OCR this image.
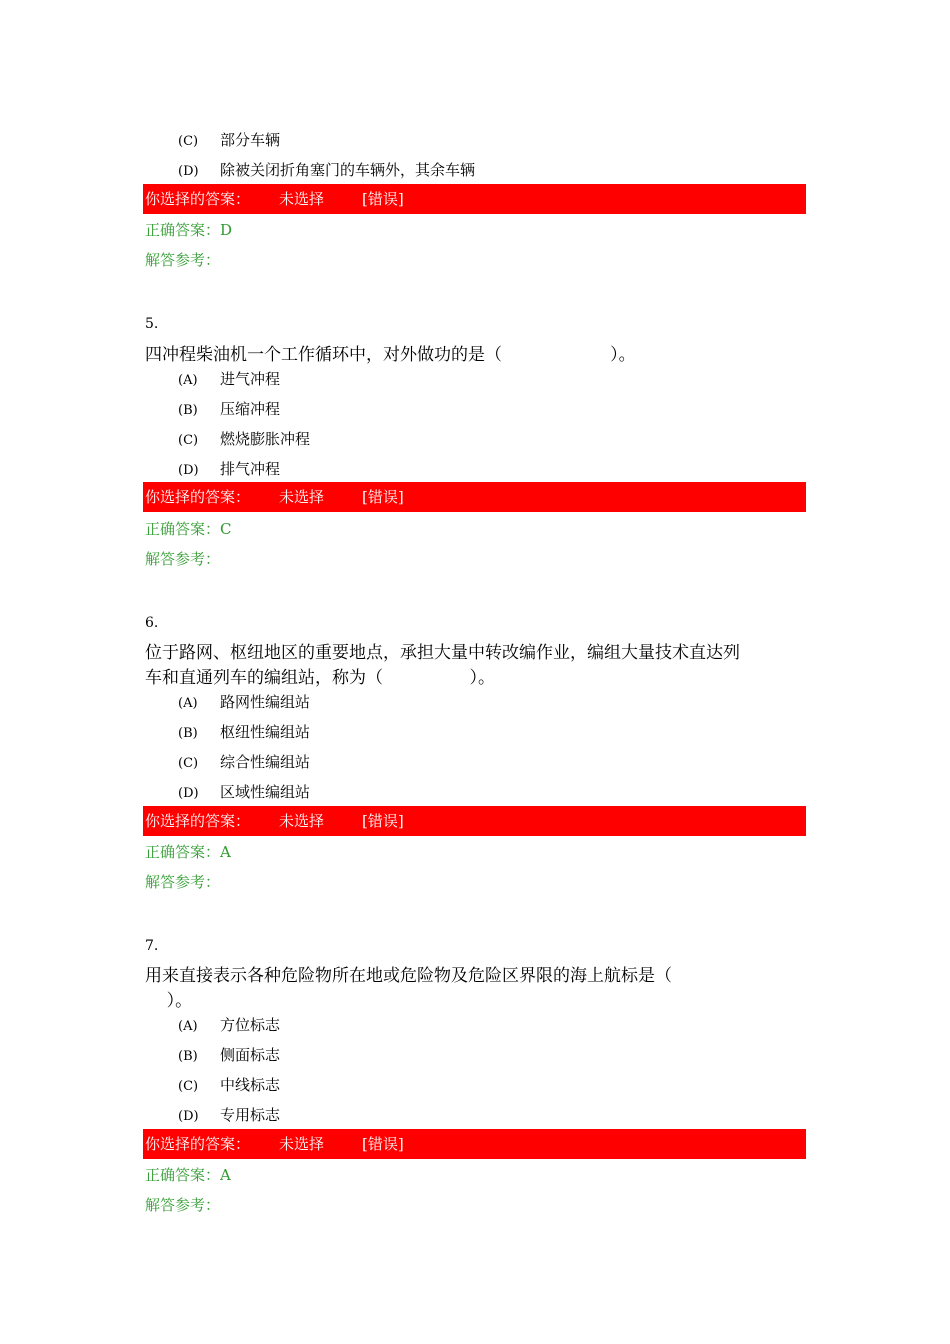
(C) 部分车辆
(D) 除被关闭折角塞门的车辆外，其余车辆

你选择的答案：

未选择

	[错误]

正确答案：D
解答参考：
5.
四冲程柴油机一个工作循环中，对外做功的是（                    ）。
(A) 进气冲程
(B) 压缩冲程
(C) 燃烧膨胀冲程
(D) 排气冲程

你选择的答案：

未选择

	[错误]

正确答案：C
解答参考：
6.
位于路网、枢纽地区的重要地点，承担大量中转改编作业，编组大量技术直达列
车和直通列车的编组站，称为（                ）。
(A) 路网性编组站
(B) 枢纽性编组站
(C) 综合性编组站
(D) 区域性编组站

你选择的答案：

未选择

	[错误]

正确答案：A
解答参考：
7.
用来直接表示各种危险物所在地或危险物及危险区界限的海上航标是（
）。
(A) 方位标志
(B) 侧面标志
(C) 中线标志
(D) 专用标志

你选择的答案：

未选择

	[错误]

正确答案：A
解答参考：
